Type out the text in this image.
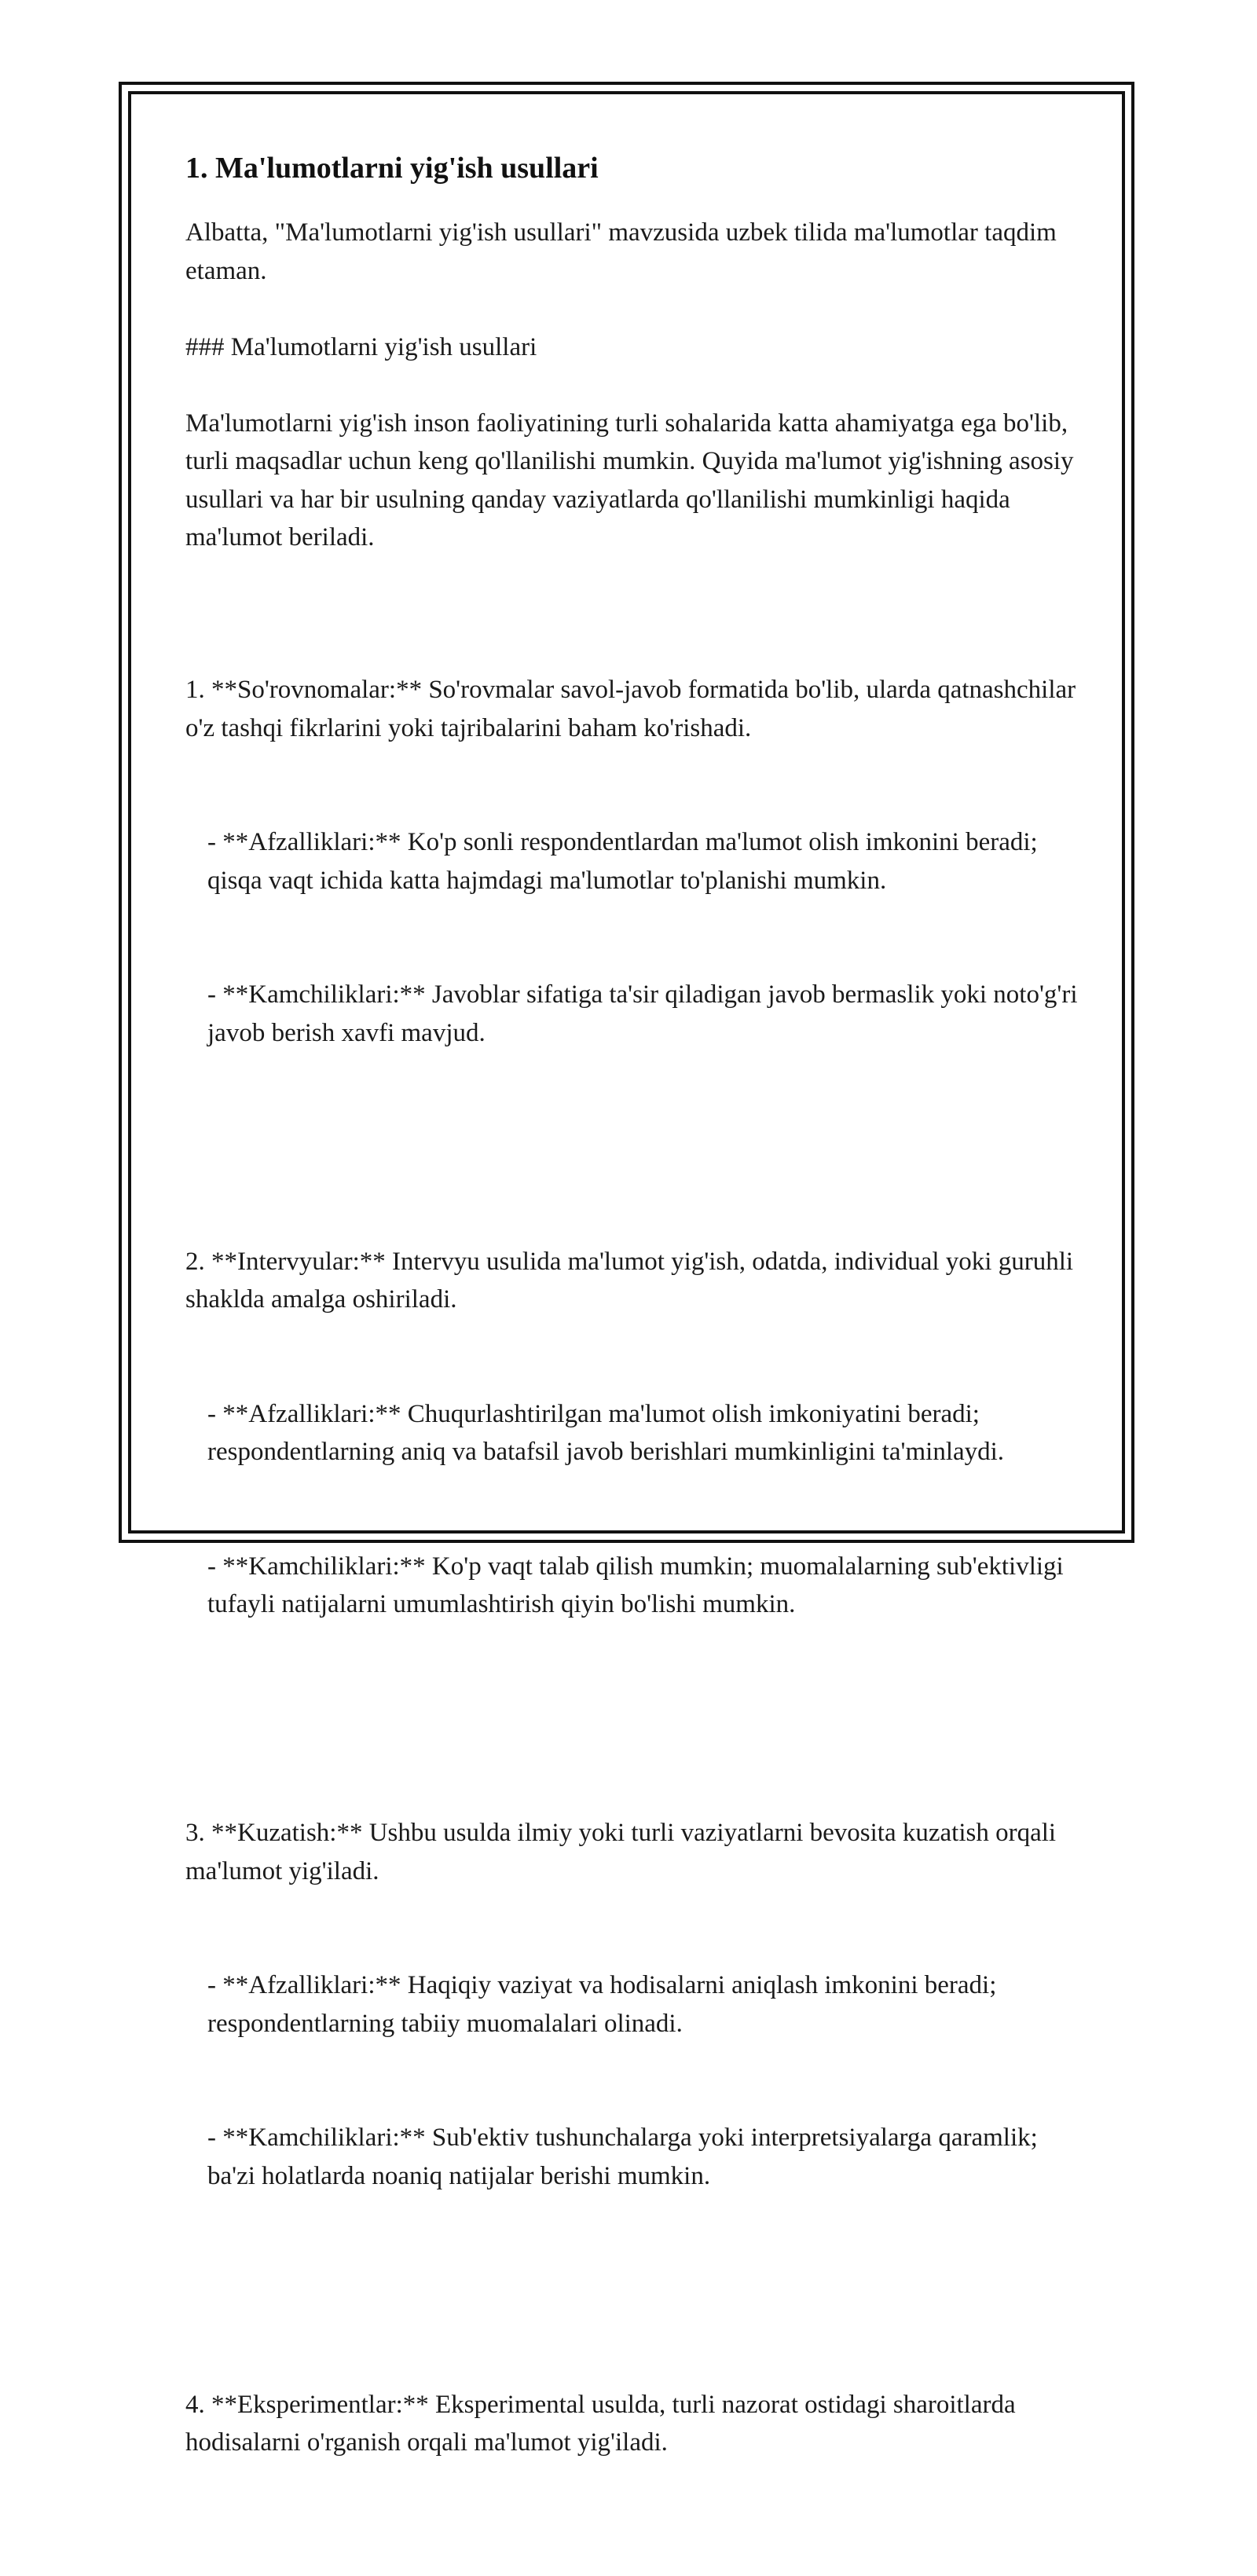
1. Ma'lumotlarni yig'ish usullari

Albatta, "Ma'lumotlarni yig'ish usullari" mavzusida uzbek tilida ma'lumotlar taqdim etaman.

### Ma'lumotlarni yig'ish usullari

Ma'lumotlarni yig'ish inson faoliyatining turli sohalarida katta ahamiyatga ega bo'lib, turli maqsadlar uchun keng qo'llanilishi mumkin. Quyida ma'lumot yig'ishning asosiy usullari va har bir usulning qanday vaziyatlarda qo'llanilishi mumkinligi haqida ma'lumot beriladi.

1. **So'rovnomalar:** So'rovmalar savol-javob formatida bo'lib, ularda qatnashchilar o'z tashqi fikrlarini yoki tajribalarini baham ko'rishadi.

- **Afzalliklari:** Ko'p sonli respondentlardan ma'lumot olish imkonini beradi; qisqa vaqt ichida katta hajmdagi ma'lumotlar to'planishi mumkin.

- **Kamchiliklari:** Javoblar sifatiga ta'sir qiladigan javob bermaslik yoki noto'g'ri javob berish xavfi mavjud.

2. **Intervyular:** Intervyu usulida ma'lumot yig'ish, odatda, individual yoki guruhli shaklda amalga oshiriladi.

- **Afzalliklari:** Chuqurlashtirilgan ma'lumot olish imkoniyatini beradi; respondentlarning aniq va batafsil javob berishlari mumkinligini ta'minlaydi.

- **Kamchiliklari:** Ko'p vaqt talab qilish mumkin; muomalalarning sub'ektivligi tufayli natijalarni umumlashtirish qiyin bo'lishi mumkin.

3. **Kuzatish:** Ushbu usulda ilmiy yoki turli vaziyatlarni bevosita kuzatish orqali ma'lumot yig'iladi.

- **Afzalliklari:** Haqiqiy vaziyat va hodisalarni aniqlash imkonini beradi; respondentlarning tabiiy muomalalari olinadi.

- **Kamchiliklari:** Sub'ektiv tushunchalarga yoki interpretsiyalarga qaramlik; ba'zi holatlarda noaniq natijalar berishi mumkin.

4. **Eksperimentlar:** Eksperimental usulda, turli nazorat ostidagi sharoitlarda hodisalarni o'rganish orqali ma'lumot yig'iladi.
